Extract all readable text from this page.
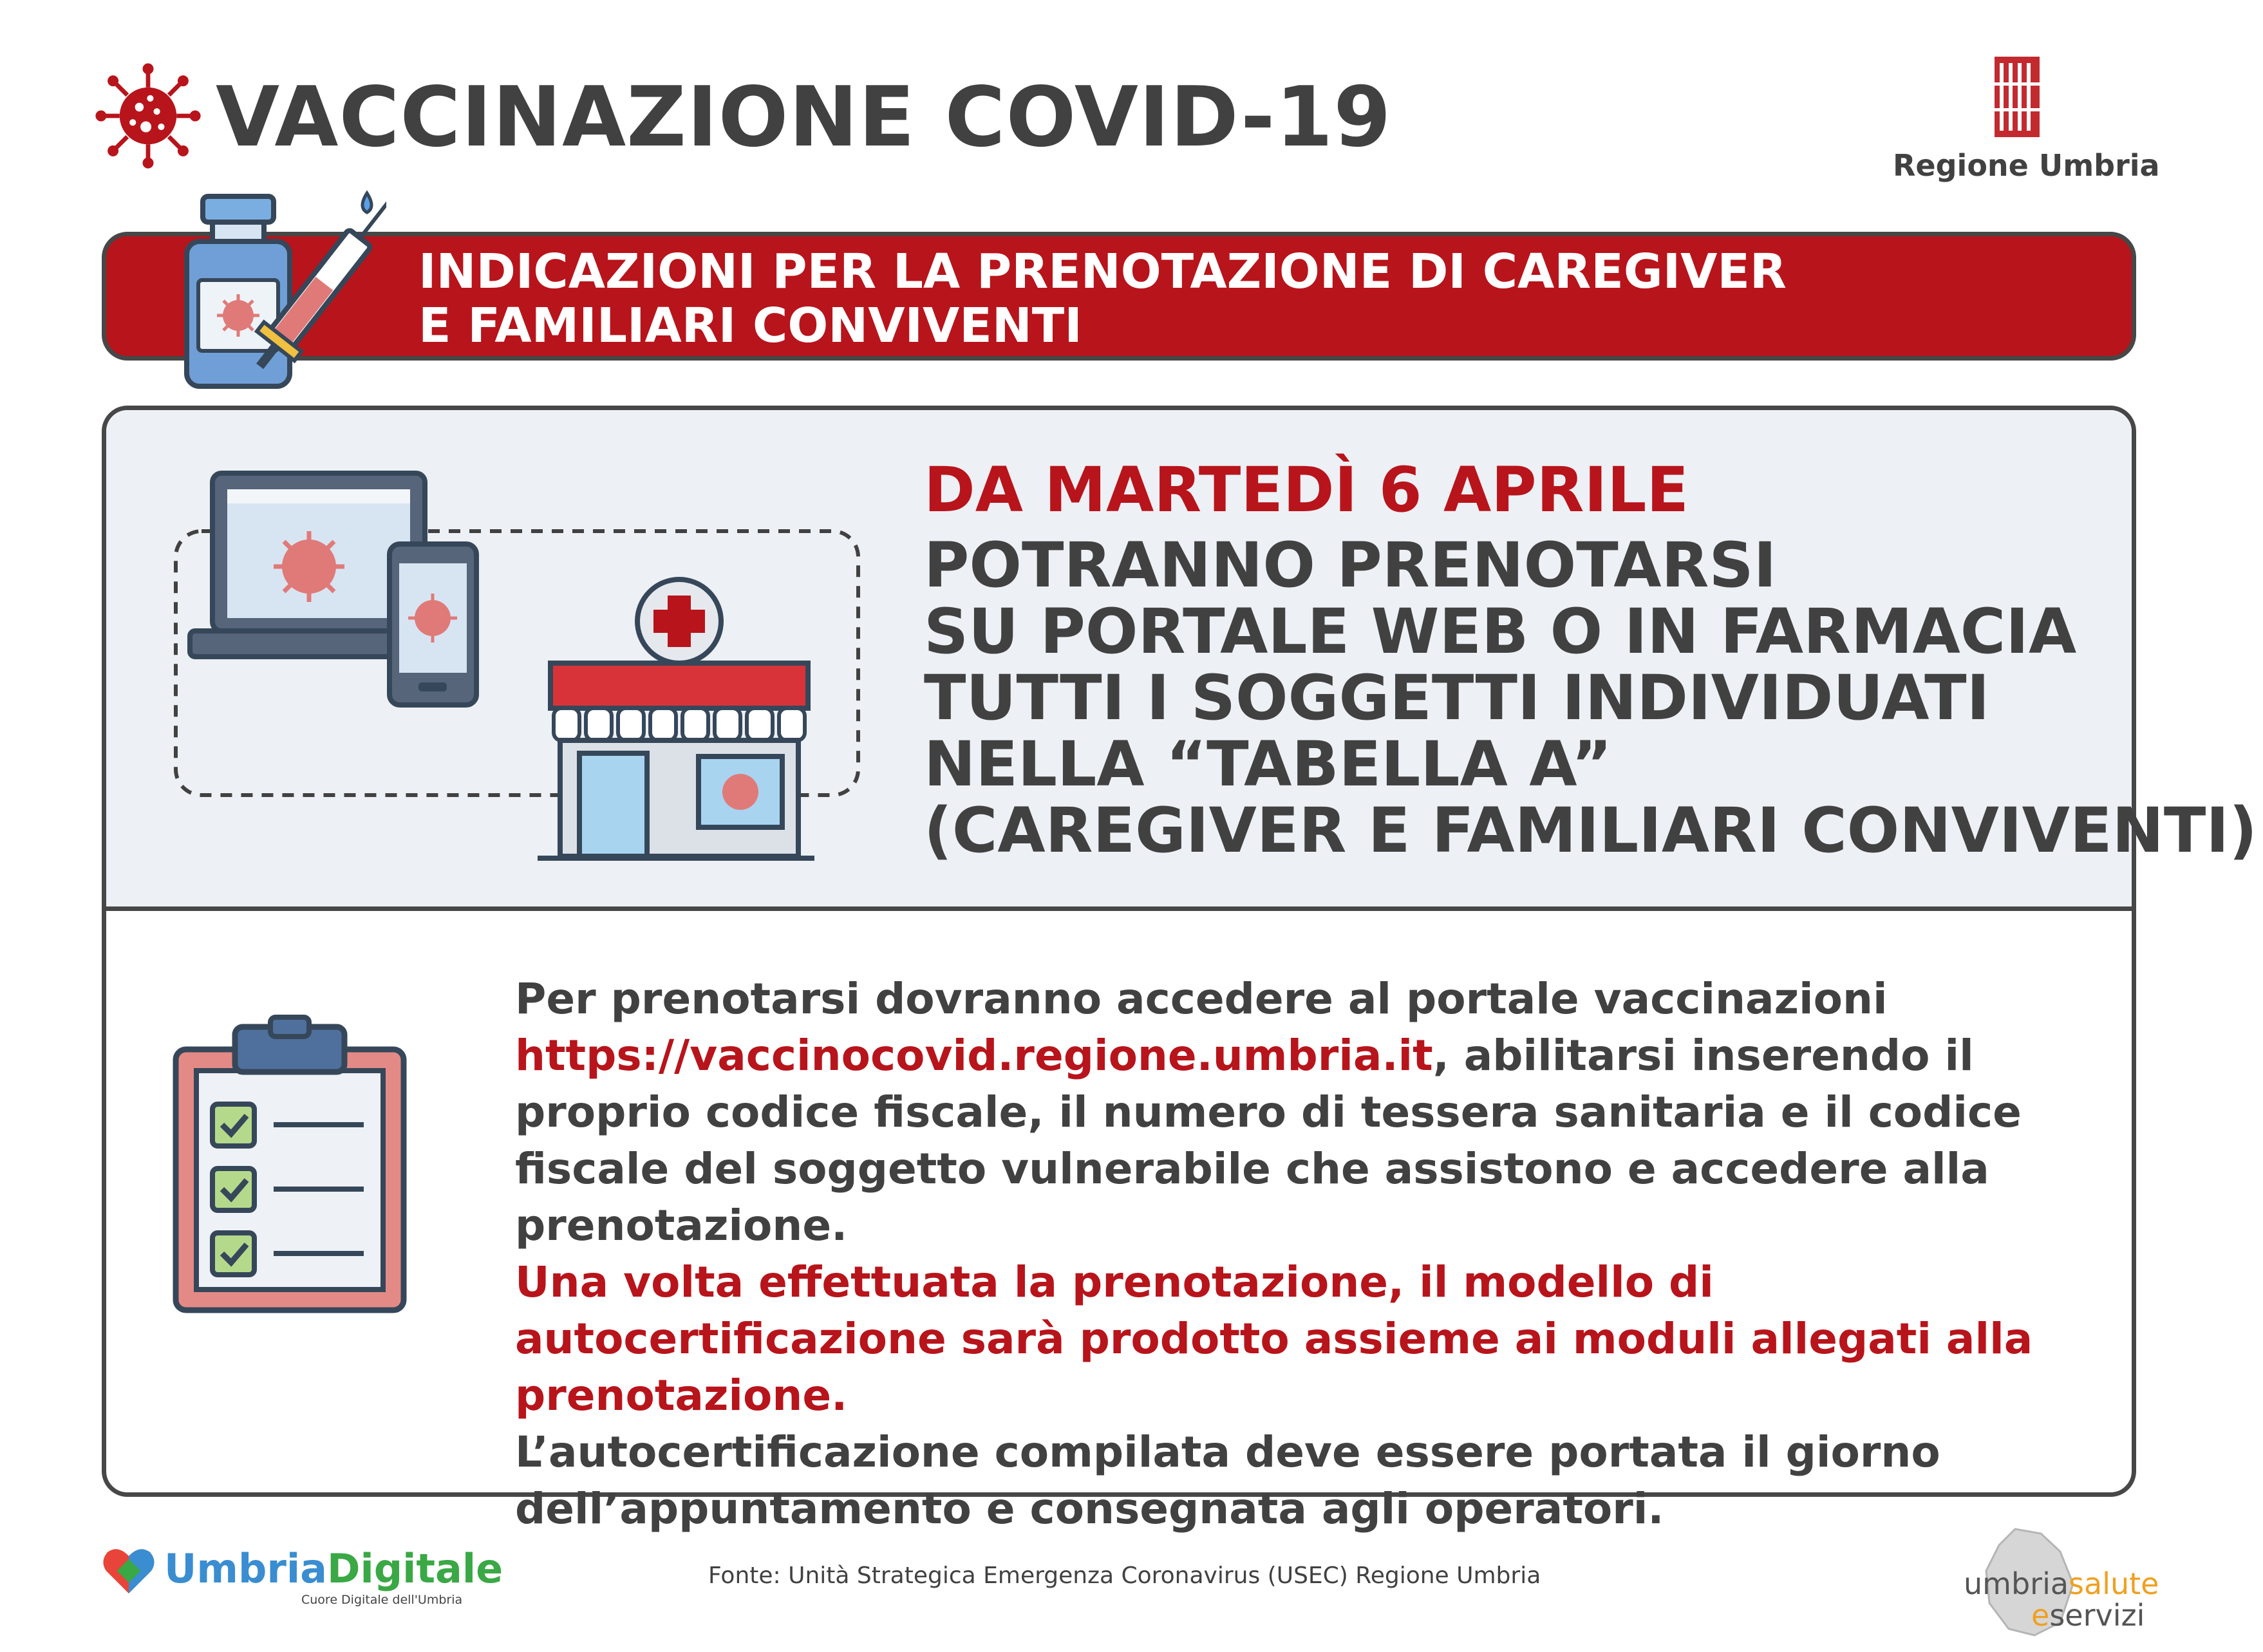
VACCINAZIONE COVID-19	Regione Umbria
INDICAZIONI PER LA PRENOTAZIONE DI CAREGIVER
E FAMILIARI CONVIVENTI
DA MARTEDÌ 6 APRILE
POTRANNO PRENOTARSI
SU PORTALE WEB O IN FARMACIA
TUTTI I SOGGETTI INDIVIDUATI
NELLA “TABELLA A”
(CAREGIVER E FAMILIARI CONVIVENTI)
Per prenotarsi dovranno accedere al portale vaccinazioni
https://vaccinocovid.regione.umbria.it, abilitarsi inserendo il proprio codice fiscale, il numero di tessera sanitaria e il codice fiscale del soggetto vulnerabile che assistono e accedere alla prenotazione.
Una volta effettuata la prenotazione, il modello di autocertificazione sarà prodotto assieme ai moduli allegati alla prenotazione.
L’autocertificazione compilata deve essere portata il giorno dell’appuntamento e consegnata agli operatori.
UmbriaDigitale
Cuore Digitale dell'Umbria
Fonte: Unità Strategica Emergenza Coronavirus (USEC) Regione Umbria	umbriasalute
eservizi
